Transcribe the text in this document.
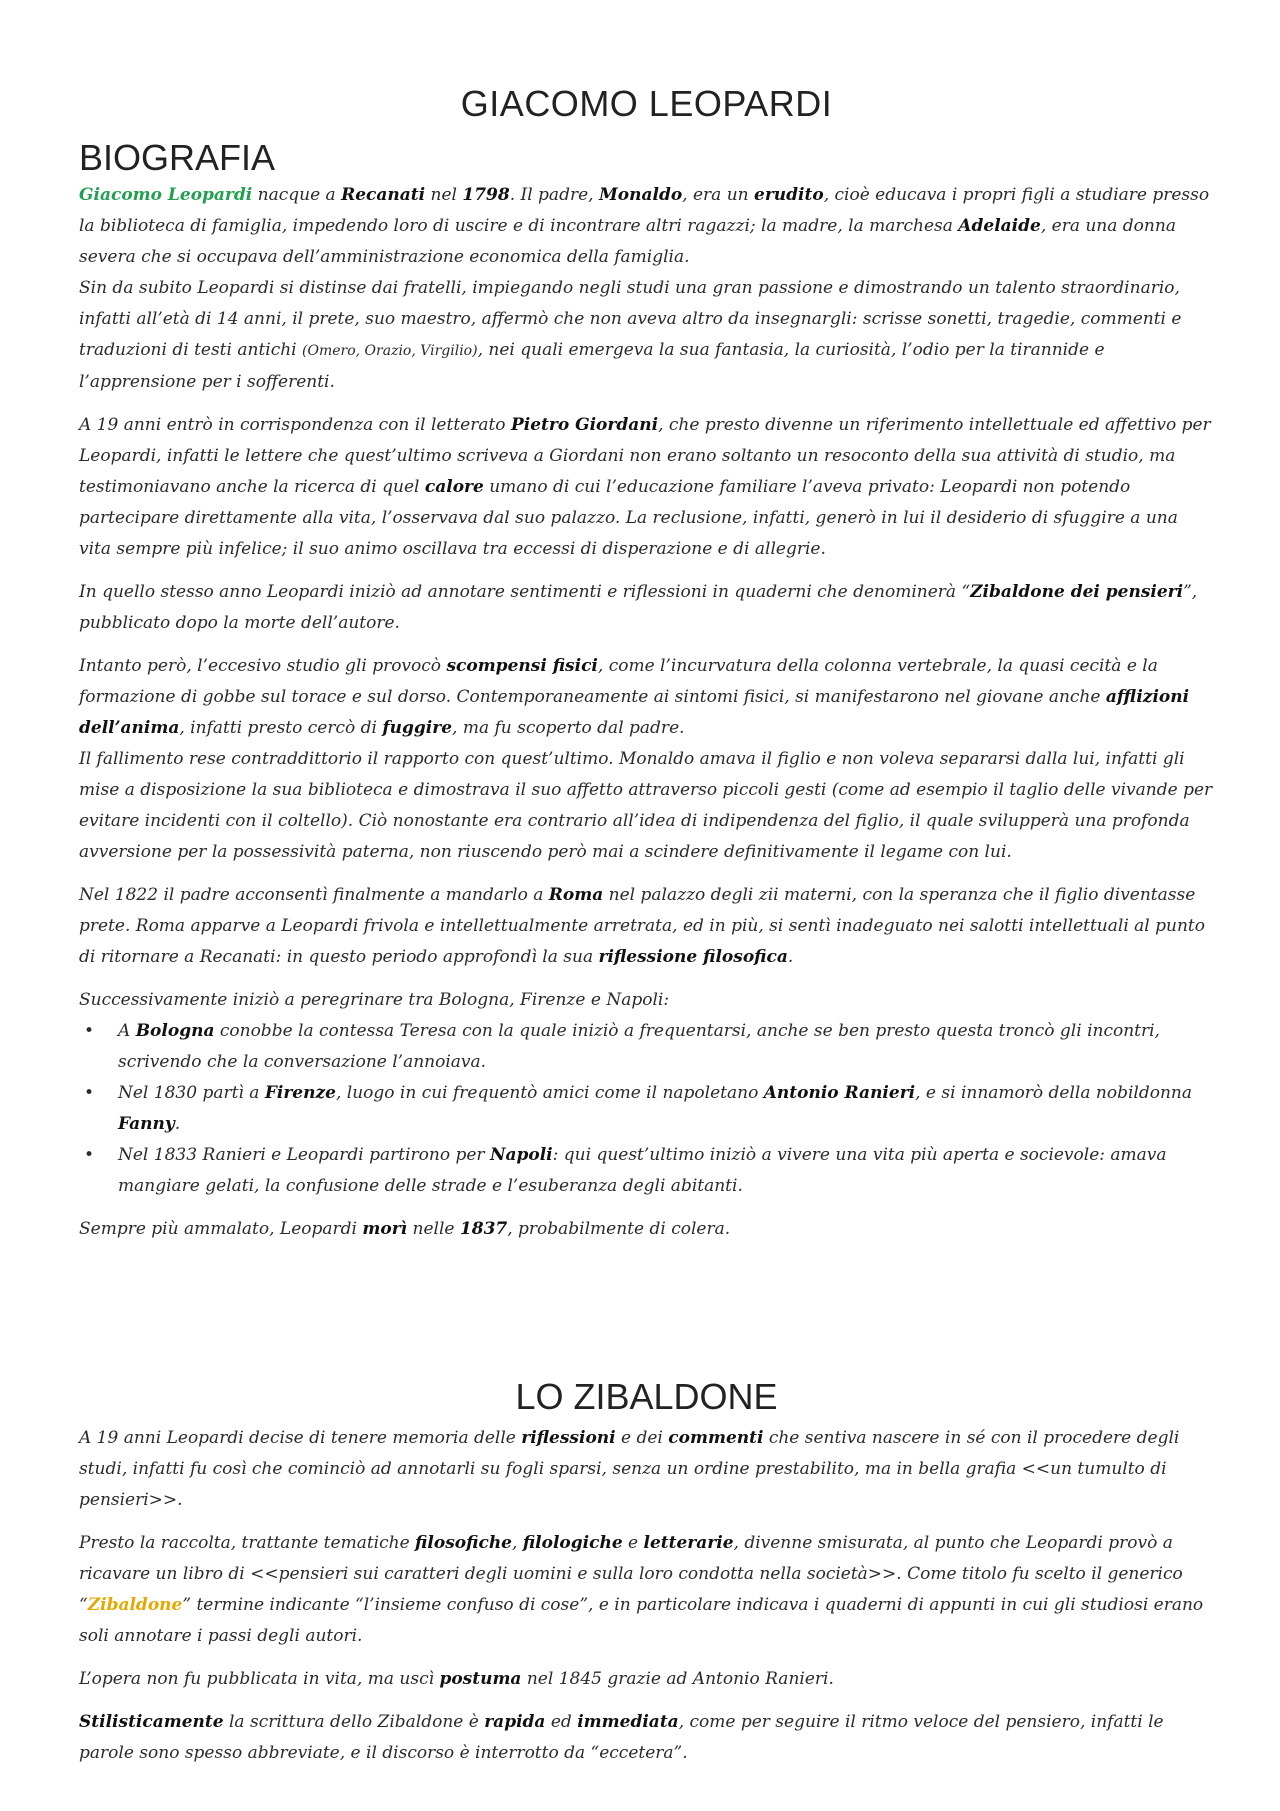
GIACOMO LEOPARDI
BIOGRAFIA

Giacomo Leopardi nacque a Recanati nel 1798. Il padre, Monaldo, era un erudito, cioè educava i propri figli a studiare presso la biblioteca di famiglia, impedendo loro di uscire e di incontrare altri ragazzi; la madre, la marchesa Adelaide, era una donna severa che si occupava dell’amministrazione economica della famiglia.

Sin da subito Leopardi si distinse dai fratelli, impiegando negli studi una gran passione e dimostrando un talento straordinario, infatti all’età di 14 anni, il prete, suo maestro, affermò che non aveva altro da insegnargli: scrisse sonetti, tragedie, commenti e traduzioni di testi antichi (Omero, Orazio, Virgilio), nei quali emergeva la sua fantasia, la curiosità, l’odio per la tirannide e l’apprensione per i sofferenti.

A 19 anni entrò in corrispondenza con il letterato Pietro Giordani, che presto divenne un riferimento intellettuale ed affettivo per Leopardi, infatti le lettere che quest’ultimo scriveva a Giordani non erano soltanto un resoconto della sua attività di studio, ma testimoniavano anche la ricerca di quel calore umano di cui l’educazione familiare l’aveva privato: Leopardi non potendo partecipare direttamente alla vita, l’osservava dal suo palazzo. La reclusione, infatti, generò in lui il desiderio di sfuggire a una vita sempre più infelice; il suo animo oscillava tra eccessi di disperazione e di allegrie.

In quello stesso anno Leopardi iniziò ad annotare sentimenti e riflessioni in quaderni che denominerà “Zibaldone dei pensieri”, pubblicato dopo la morte dell’autore.

Intanto però, l’eccesivo studio gli provocò scompensi fisici, come l’incurvatura della colonna vertebrale, la quasi cecità e la formazione di gobbe sul torace e sul dorso. Contemporaneamente ai sintomi fisici, si manifestarono nel giovane anche afflizioni dell’anima, infatti presto cercò di fuggire, ma fu scoperto dal padre.

Il fallimento rese contraddittorio il rapporto con quest’ultimo. Monaldo amava il figlio e non voleva separarsi dalla lui, infatti gli mise a disposizione la sua biblioteca e dimostrava il suo affetto attraverso piccoli gesti (come ad esempio il taglio delle vivande per evitare incidenti con il coltello). Ciò nonostante era contrario all’idea di indipendenza del figlio, il quale svilupperà una profonda avversione per la possessività paterna, non riuscendo però mai a scindere definitivamente il legame con lui.

Nel 1822 il padre acconsentì finalmente a mandarlo a Roma nel palazzo degli zii materni, con la speranza che il figlio diventasse prete. Roma apparve a Leopardi frivola e intellettualmente arretrata, ed in più, si sentì inadeguato nei salotti intellettuali al punto di ritornare a Recanati: in questo periodo approfondì la sua riflessione filosofica.

Successivamente iniziò a peregrinare tra Bologna, Firenze e Napoli:

• A Bologna conobbe la contessa Teresa con la quale iniziò a frequentarsi, anche se ben presto questa troncò gli incontri, scrivendo che la conversazione l’annoiava.
• Nel 1830 partì a Firenze, luogo in cui frequentò amici come il napoletano Antonio Ranieri, e si innamorò della nobildonna Fanny.
• Nel 1833 Ranieri e Leopardi partirono per Napoli: qui quest’ultimo iniziò a vivere una vita più aperta e socievole: amava mangiare gelati, la confusione delle strade e l’esuberanza degli abitanti.

Sempre più ammalato, Leopardi morì nelle 1837, probabilmente di colera.

LO ZIBALDONE

A 19 anni Leopardi decise di tenere memoria delle riflessioni e dei commenti che sentiva nascere in sé con il procedere degli studi, infatti fu così che cominciò ad annotarli su fogli sparsi, senza un ordine prestabilito, ma in bella grafia <<un tumulto di pensieri>>.

Presto la raccolta, trattante tematiche filosofiche, filologiche e letterarie, divenne smisurata, al punto che Leopardi provò a ricavare un libro di <<pensieri sui caratteri degli uomini e sulla loro condotta nella società>>. Come titolo fu scelto il generico “Zibaldone” termine indicante “l’insieme confuso di cose”, e in particolare indicava i quaderni di appunti in cui gli studiosi erano soli annotare i passi degli autori.

L’opera non fu pubblicata in vita, ma uscì postuma nel 1845 grazie ad Antonio Ranieri.

Stilisticamente la scrittura dello Zibaldone è rapida ed immediata, come per seguire il ritmo veloce del pensiero, infatti le parole sono spesso abbreviate, e il discorso è interrotto da “eccetera”.
